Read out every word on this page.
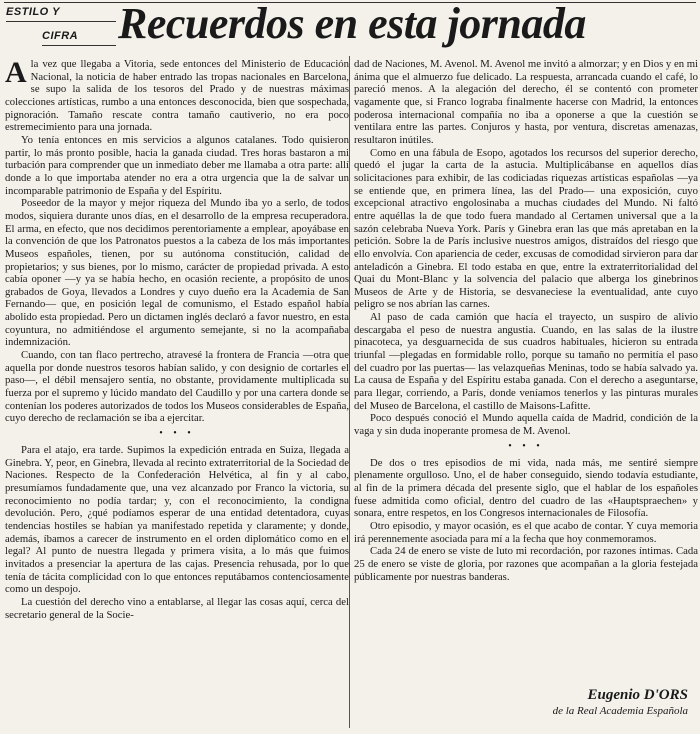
ESTILO Y
CIFRA Recuerdos en esta jornada

A la vez que llegaba a Vitoria, sede entonces del Ministerio de Educación Nacional, la noticia de haber entrado las tropas nacionales en Barcelona, se supo la salida de los tesoros del Prado y de nuestras máximas colecciones artísticas, rumbo a una entonces desconocida, bien que sospechada, pignoración. Tamaño rescate contra tamaño cautiverio, no era poco estremecimiento para una jornada.

Yo tenía entonces en mis servicios a algunos catalanes. Todo quisieron partir, lo más pronto posible, hacia la ganada ciudad. Tres horas bastaron a mi turbación para comprender que un inmediato deber me llamaba a otra parte: allí donde a lo que importaba atender no era a otra urgencia que la de salvar un incomparable patrimonio de España y del Espíritu.

Poseedor de la mayor y mejor riqueza del Mundo iba yo a serlo, de todos modos, siquiera durante unos días, en el desarrollo de la empresa recuperadora. El arma, en efecto, que nos decidimos perentoriamente a emplear, apoyábase en la convención de que los Patronatos puestos a la cabeza de los más importantes Museos españoles, tienen, por su autónoma constitución, calidad de propietarios; y sus bienes, por lo mismo, carácter de propiedad privada. A esto cabía oponer —y ya se había hecho, en ocasión reciente, a propósito de unos grabados de Goya, llevados a Londres y cuyo dueño era la Academia de San Fernando— que, en posición legal de comunismo, el Estado español había abolido esta propiedad. Pero un dictamen inglés declaró a favor nuestro, en esta coyuntura, no admitiéndose el argumento semejante, si no la acompañaba indemnización.

Cuando, con tan flaco pertrecho, atravesé la frontera de Francia —otra que aquella por donde nuestros tesoros habían salido, y con designio de cortarles el paso—, el débil mensajero sentía, no obstante, providamente multiplicada su fuerza por el supremo y lúcido mandato del Caudillo y por una cartera donde se contenían los poderes autorizados de todos los Museos considerables de España, cuyo derecho de reclamación se iba a ejercitar.

• • •

Para el atajo, era tarde. Supimos la expedición entrada en Suiza, llegada a Ginebra. Y, peor, en Ginebra, llevada al recinto extraterritorial de la Sociedad de Naciones. Respecto de la Confederación Helvética, al fin y al cabo, presumíamos fundadamente que, una vez alcanzado por Franco la victoria, su reconocimiento no podía tardar; y, con el reconocimiento, la condigna devolución. Pero, ¿qué podíamos esperar de una entidad detentadora, cuyas tendencias hostiles se habían ya manifestado repetida y claramente; y donde, además, íbamos a carecer de instrumento en el orden diplomático como en el legal? Al punto de nuestra llegada y primera visita, a lo más que fuimos invitados a presenciar la apertura de las cajas. Presencia rehusada, por lo que tenía de tácita complicidad con lo que entonces reputábamos contenciosamente como un despojo.

La cuestión del derecho vino a entablarse, al llegar las cosas aquí, cerca del secretario general de la Socie-

dad de Naciones, M. Avenol. M. Avenol me invitó a almorzar; y en Dios y en mi ánima que el almuerzo fue delicado. La respuesta, arrancada cuando el café, lo pareció menos. A la alegación del derecho, él se contentó con prometer vagamente que, si Franco lograba finalmente hacerse con Madrid, la entonces poderosa internacional compañía no iba a oponerse a que la cuestión se ventilara entre las partes. Conjuros y hasta, por ventura, discretas amenazas, resultaron inútiles.

Como en una fábula de Esopo, agotados los recursos del superior derecho, quedó el jugar la carta de la astucia. Multiplicábanse en aquellos días solicitaciones para exhibir, de las codiciadas riquezas artísticas españolas —ya se entiende que, en primera línea, las del Prado— una exposición, cuyo excepcional atractivo engolosinaba a muchas ciudades del Mundo. Ni faltó entre aquéllas la de que todo fuera mandado al Certamen universal que a la sazón celebraba Nueva York. París y Ginebra eran las que más apretaban en la petición. Sobre la de París inclusive nuestros amigos, distraídos del riesgo que ello envolvía. Con apariencia de ceder, excusas de comodidad sirvieron para dar anteladicón a Ginebra. El todo estaba en que, entre la extraterritorialidad del Quai du Mont-Blanc y la solvencia del palacio que alberga los ginebrinos Museos de Arte y de Historia, se desvaneciese la eventualidad, ante cuyo peligro se nos abrían las carnes.

Al paso de cada camión que hacía el trayecto, un suspiro de alivio descargaba el peso de nuestra angustia. Cuando, en las salas de la ilustre pinacoteca, ya desguarnecida de sus cuadros habituales, hicieron su entrada triunfal —plegadas en formidable rollo, porque su tamaño no permitía el paso del cuadro por las puertas— las velazqueñas Meninas, todo se había salvado ya. La causa de España y del Espíritu estaba ganada. Con el derecho a aseguntarse, para llegar, corriendo, a París, donde veníamos tenerlos y las pinturas murales del Museo de Barcelona, el castillo de Maisons-Lafitte.

Poco después conoció el Mundo aquella caída de Madrid, condición de la vaga y sin duda inoperante promesa de M. Avenol.

• • •

De dos o tres episodios de mi vida, nada más, me sentiré siempre plenamente orgulloso. Uno, el de haber conseguido, siendo todavía estudiante, al fin de la primera década del presente siglo, que el hablar de los españoles fuese admitida como oficial, dentro del cuadro de las «Hauptspraechen» y sonara, entre respetos, en los Congresos internacionales de Filosofía.

Otro episodio, y mayor ocasión, es el que acabo de contar. Y cuya memoria irá perennemente asociada para mí a la fecha que hoy conmemoramos.

Cada 24 de enero se viste de luto mi recordación, por razones íntimas. Cada 25 de enero se viste de gloria, por razones que acompañan a la gloria festejada públicamente por nuestras banderas.

Eugenio D'ORS
de la Real Academia Española
